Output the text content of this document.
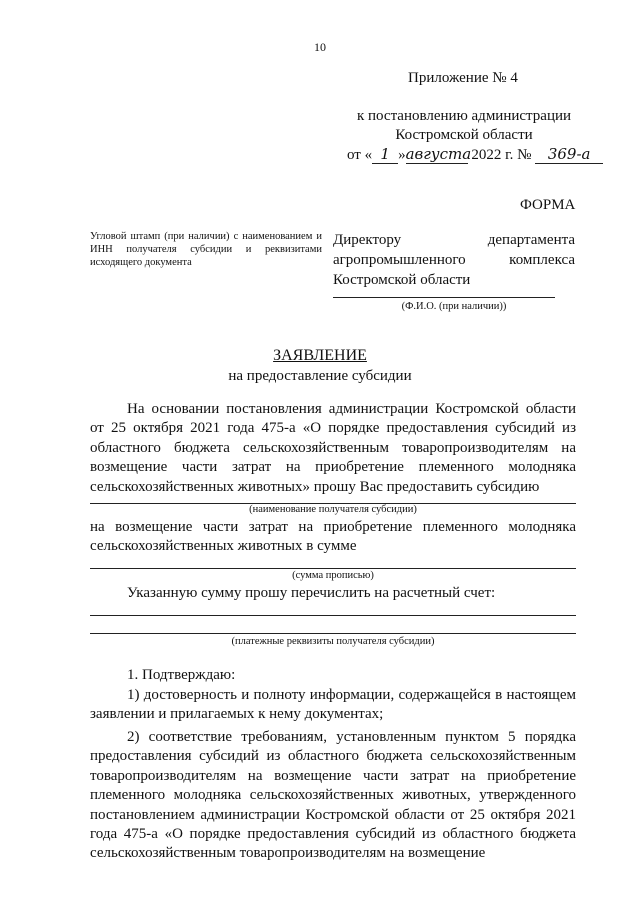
10
Приложение № 4
к постановлению администрации
Костромской области
от « 1 »августа 2022 г. № 369-а
ФОРМА
Угловой штамп (при наличии) с наименованием и ИНН получателя субсидии и реквизитами исходящего документа
Директору	департамента
агропромышленного	комплекса
Костромской области
(Ф.И.О. (при наличии))
ЗАЯВЛЕНИЕ
на предоставление субсидии
На основании постановления администрации Костромской области от 25 октября 2021 года 475-а «О порядке предоставления субсидий из областного бюджета сельскохозяйственным товаропроизводителям на возмещение части затрат на приобретение племенного молодняка сельскохозяйственных животных» прошу Вас предоставить субсидию
(наименование получателя субсидии)
на возмещение части затрат на приобретение племенного молодняка сельскохозяйственных животных в сумме
(сумма прописью)
Указанную сумму прошу перечислить на расчетный счет:
(платежные реквизиты получателя субсидии)
1. Подтверждаю:
1) достоверность и полноту информации, содержащейся в настоящем заявлении и прилагаемых к нему документах;
2) соответствие требованиям, установленным пунктом 5 порядка предоставления субсидий из областного бюджета сельскохозяйственным товаропроизводителям на возмещение части затрат на приобретение племенного молодняка сельскохозяйственных животных, утвержденного постановлением администрации Костромской области от 25 октября 2021 года 475-а «О порядке предоставления субсидий из областного бюджета сельскохозяйственным товаропроизводителям на возмещение
